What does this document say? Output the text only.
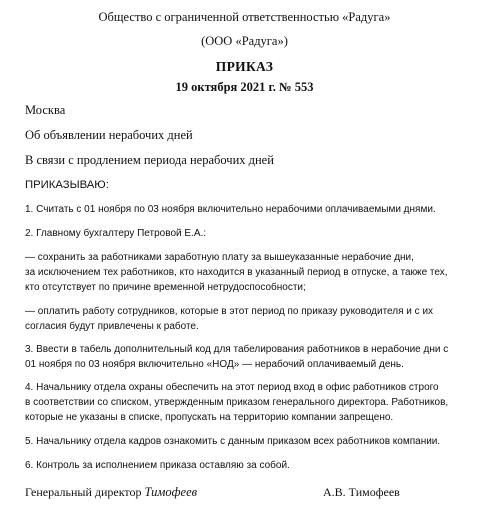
Общество с ограниченной ответственностью «Радуга»
(ООО «Радуга»)
ПРИКАЗ
19 октября 2021 г. № 553
Москва
Об объявлении нерабочих дней
В связи с продлением периода нерабочих дней
ПРИКАЗЫВАЮ:
1. Считать с 01 ноября по 03 ноября включительно нерабочими оплачиваемыми днями.
2. Главному бухгалтеру Петровой Е.А.:
— сохранить за работниками заработную плату за вышеуказанные нерабочие дни,
за исключением тех работников, кто находится в указанный период в отпуске, а также тех,
кто отсутствует по причине временной нетрудоспособности;
— оплатить работу сотрудников, которые в этот период по приказу руководителя и с их
согласия будут привлечены к работе.
3. Ввести в табель дополнительный код для табелирования работников в нерабочие дни с
01 ноября по 03 ноября включительно «НОД» — нерабочий оплачиваемый день.
4. Начальнику отдела охраны обеспечить на этот период вход в офис работников строго
в соответствии со списком, утвержденным приказом генерального директора. Работников,
которые не указаны в списке, пропускать на территорию компании запрещено.
5. Начальнику отдела кадров ознакомить с данным приказом всех работников компании.
6. Контроль за исполнением приказа оставляю за собой.
Генеральный директор Тимофеев	А.В. Тимофеев
